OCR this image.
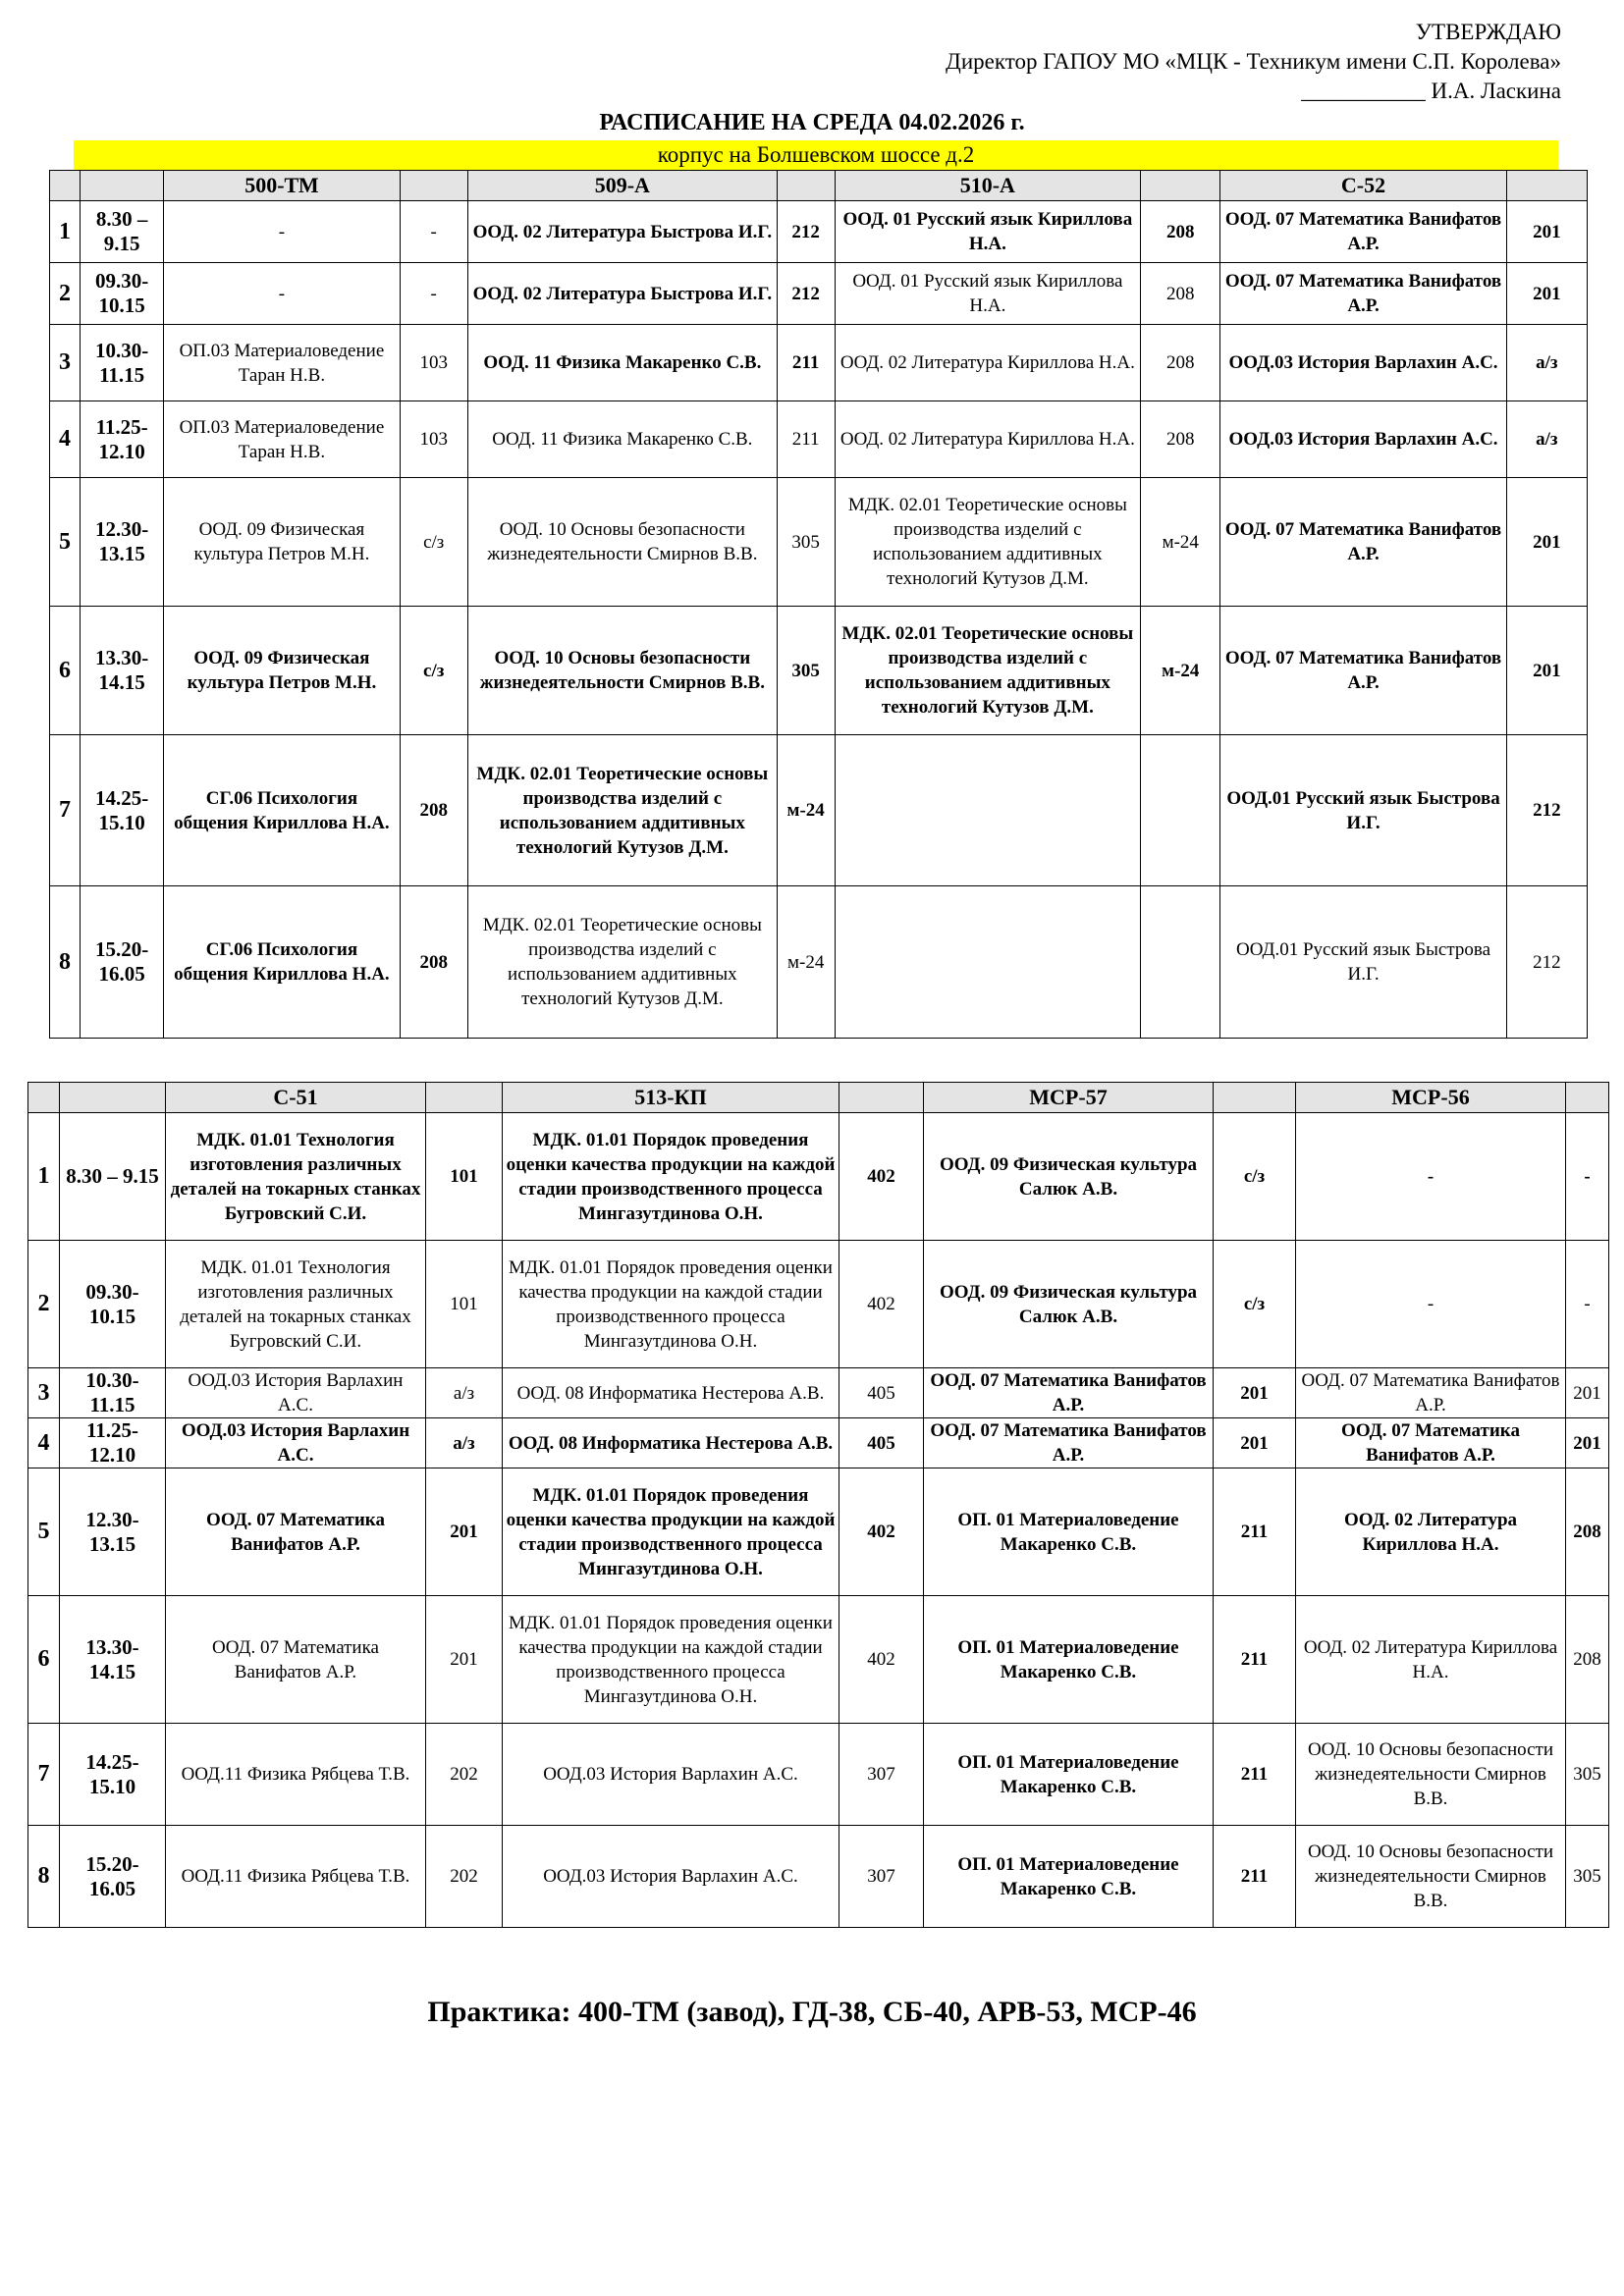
УТВЕРЖДАЮ
Директор ГАПОУ МО «МЦК - Техникум имени С.П. Королева»
___________ И.А. Ласкина
РАСПИСАНИЕ НА СРЕДА 04.02.2026 г.
корпус на Болшевском шоссе д.2
		500-ТМ		509-А		510-А		С-52	
1	8.30 – 9.15	-	-	ООД. 02 Литература Быстрова И.Г.	212	ООД. 01 Русский язык Кириллова Н.А.	208	ООД. 07 Математика Ванифатов А.Р.	201
2	09.30- 10.15	-	-	ООД. 02 Литература Быстрова И.Г.	212	ООД. 01 Русский язык Кириллова Н.А.	208	ООД. 07 Математика Ванифатов А.Р.	201
3	10.30- 11.15	ОП.03 Материаловедение Таран Н.В.	103	ООД. 11 Физика Макаренко С.В.	211	ООД. 02 Литература Кириллова Н.А.	208	ООД.03 История Варлахин А.С.	а/з
4	11.25- 12.10	ОП.03 Материаловедение Таран Н.В.	103	ООД. 11 Физика Макаренко С.В.	211	ООД. 02 Литература Кириллова Н.А.	208	ООД.03 История Варлахин А.С.	а/з
5	12.30- 13.15	ООД. 09 Физическая культура Петров М.Н.	с/з	ООД. 10 Основы безопасности жизнедеятельности Смирнов В.В.	305	МДК. 02.01 Теоретические основы производства изделий с использованием аддитивных технологий Кутузов Д.М.	м-24	ООД. 07 Математика Ванифатов А.Р.	201
6	13.30- 14.15	ООД. 09 Физическая культура Петров М.Н.	с/з	ООД. 10 Основы безопасности жизнедеятельности Смирнов В.В.	305	МДК. 02.01 Теоретические основы производства изделий с использованием аддитивных технологий Кутузов Д.М.	м-24	ООД. 07 Математика Ванифатов А.Р.	201
7	14.25- 15.10	СГ.06 Психология общения Кириллова Н.А.	208	МДК. 02.01 Теоретические основы производства изделий с использованием аддитивных технологий Кутузов Д.М.	м-24			ООД.01 Русский язык Быстрова И.Г.	212
8	15.20- 16.05	СГ.06 Психология общения Кириллова Н.А.	208	МДК. 02.01 Теоретические основы производства изделий с использованием аддитивных технологий Кутузов Д.М.	м-24			ООД.01 Русский язык Быстрова И.Г.	212
		С-51		513-КП		МСР-57		МСР-56	
1	8.30 – 9.15	МДК. 01.01 Технология изготовления различных деталей на токарных станках Бугровский С.И.	101	МДК. 01.01 Порядок проведения оценки качества продукции на каждой стадии производственного процесса Мингазутдинова О.Н.	402	ООД. 09 Физическая культура Салюк А.В.	с/з	-	-
2	09.30- 10.15	МДК. 01.01 Технология изготовления различных деталей на токарных станках Бугровский С.И.	101	МДК. 01.01 Порядок проведения оценки качества продукции на каждой стадии производственного процесса Мингазутдинова О.Н.	402	ООД. 09 Физическая культура Салюк А.В.	с/з	-	-
3	10.30- 11.15	ООД.03 История Варлахин А.С.	а/з	ООД. 08 Информатика Нестерова А.В.	405	ООД. 07 Математика Ванифатов А.Р.	201	ООД. 07 Математика Ванифатов А.Р.	201
4	11.25- 12.10	ООД.03 История Варлахин А.С.	а/з	ООД. 08 Информатика Нестерова А.В.	405	ООД. 07 Математика Ванифатов А.Р.	201	ООД. 07 Математика Ванифатов А.Р.	201
5	12.30- 13.15	ООД. 07 Математика Ванифатов А.Р.	201	МДК. 01.01 Порядок проведения оценки качества продукции на каждой стадии производственного процесса Мингазутдинова О.Н.	402	ОП. 01 Материаловедение Макаренко С.В.	211	ООД. 02 Литература Кириллова Н.А.	208
6	13.30- 14.15	ООД. 07 Математика Ванифатов А.Р.	201	МДК. 01.01 Порядок проведения оценки качества продукции на каждой стадии производственного процесса Мингазутдинова О.Н.	402	ОП. 01 Материаловедение Макаренко С.В.	211	ООД. 02 Литература Кириллова Н.А.	208
7	14.25- 15.10	ООД.11 Физика Рябцева Т.В.	202	ООД.03 История Варлахин А.С.	307	ОП. 01 Материаловедение Макаренко С.В.	211	ООД. 10 Основы безопасности жизнедеятельности Смирнов В.В.	305
8	15.20- 16.05	ООД.11 Физика Рябцева Т.В.	202	ООД.03 История Варлахин А.С.	307	ОП. 01 Материаловедение Макаренко С.В.	211	ООД. 10 Основы безопасности жизнедеятельности Смирнов В.В.	305
Практика: 400-ТМ (завод), ГД-38, СБ-40, АРВ-53, МСР-46
